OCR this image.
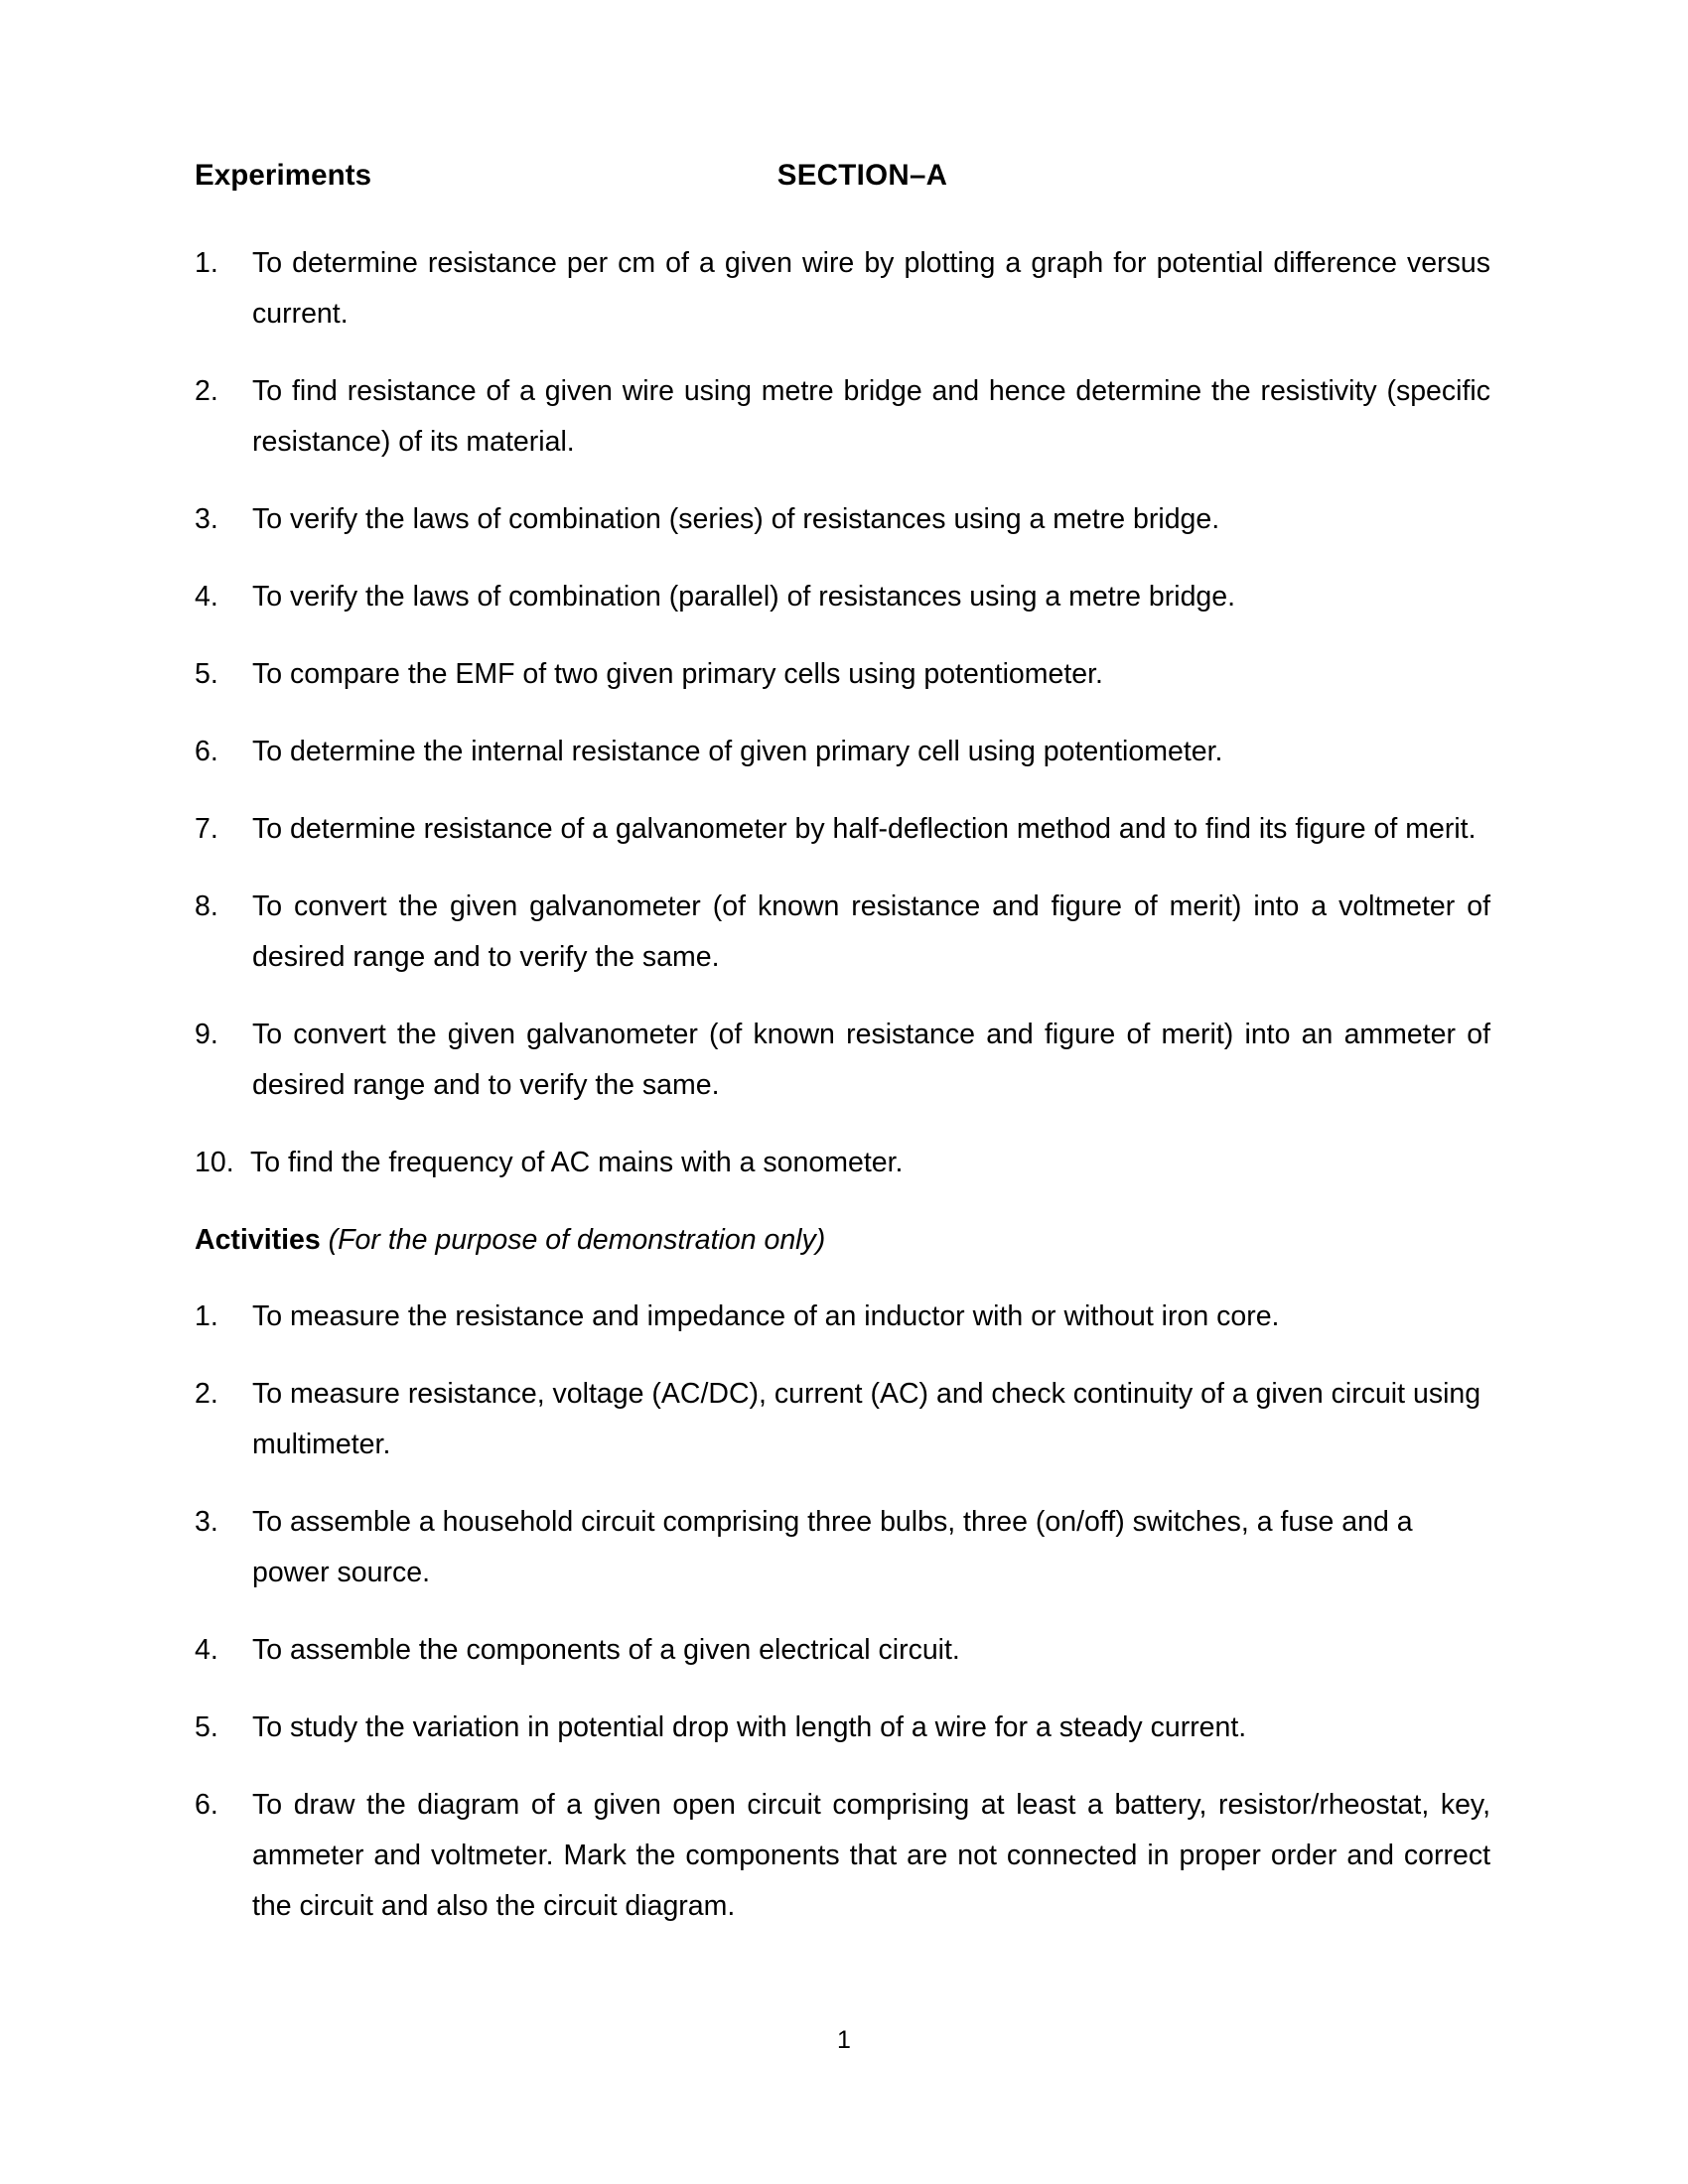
Experiments	SECTION–A
1.	To determine resistance per cm of a given wire by plotting a graph for potential difference versus current.
2.	To find resistance of a given wire using metre bridge and hence determine the resistivity (specific resistance) of its material.
3.	To verify the laws of combination (series) of resistances using a metre bridge.
4.	To verify the laws of combination (parallel) of resistances using a metre bridge.
5.	To compare the EMF of two given primary cells using potentiometer.
6.	To determine the internal resistance of given primary cell using potentiometer.
7.	To determine resistance of a galvanometer by half-deflection method and to find its figure of merit.
8.	To convert the given galvanometer (of known resistance and figure of merit) into a voltmeter of desired range and to verify the same.
9.	To convert the given galvanometer (of known resistance and figure of merit) into an ammeter of desired range and to verify the same.
10. To find the frequency of AC mains with a sonometer.
Activities (For the purpose of demonstration only)
1.	To measure the resistance and impedance of an inductor with or without iron core.
2.	To measure resistance, voltage (AC/DC), current (AC) and check continuity of a given circuit using multimeter.
3.	To assemble a household circuit comprising three bulbs, three (on/off) switches, a fuse and a power source.
4.	To assemble the components of a given electrical circuit.
5.	To study the variation in potential drop with length of a wire for a steady current.
6.	To draw the diagram of a given open circuit comprising at least a battery, resistor/rheostat, key, ammeter and voltmeter. Mark the components that are not connected in proper order and correct the circuit and also the circuit diagram.
1
